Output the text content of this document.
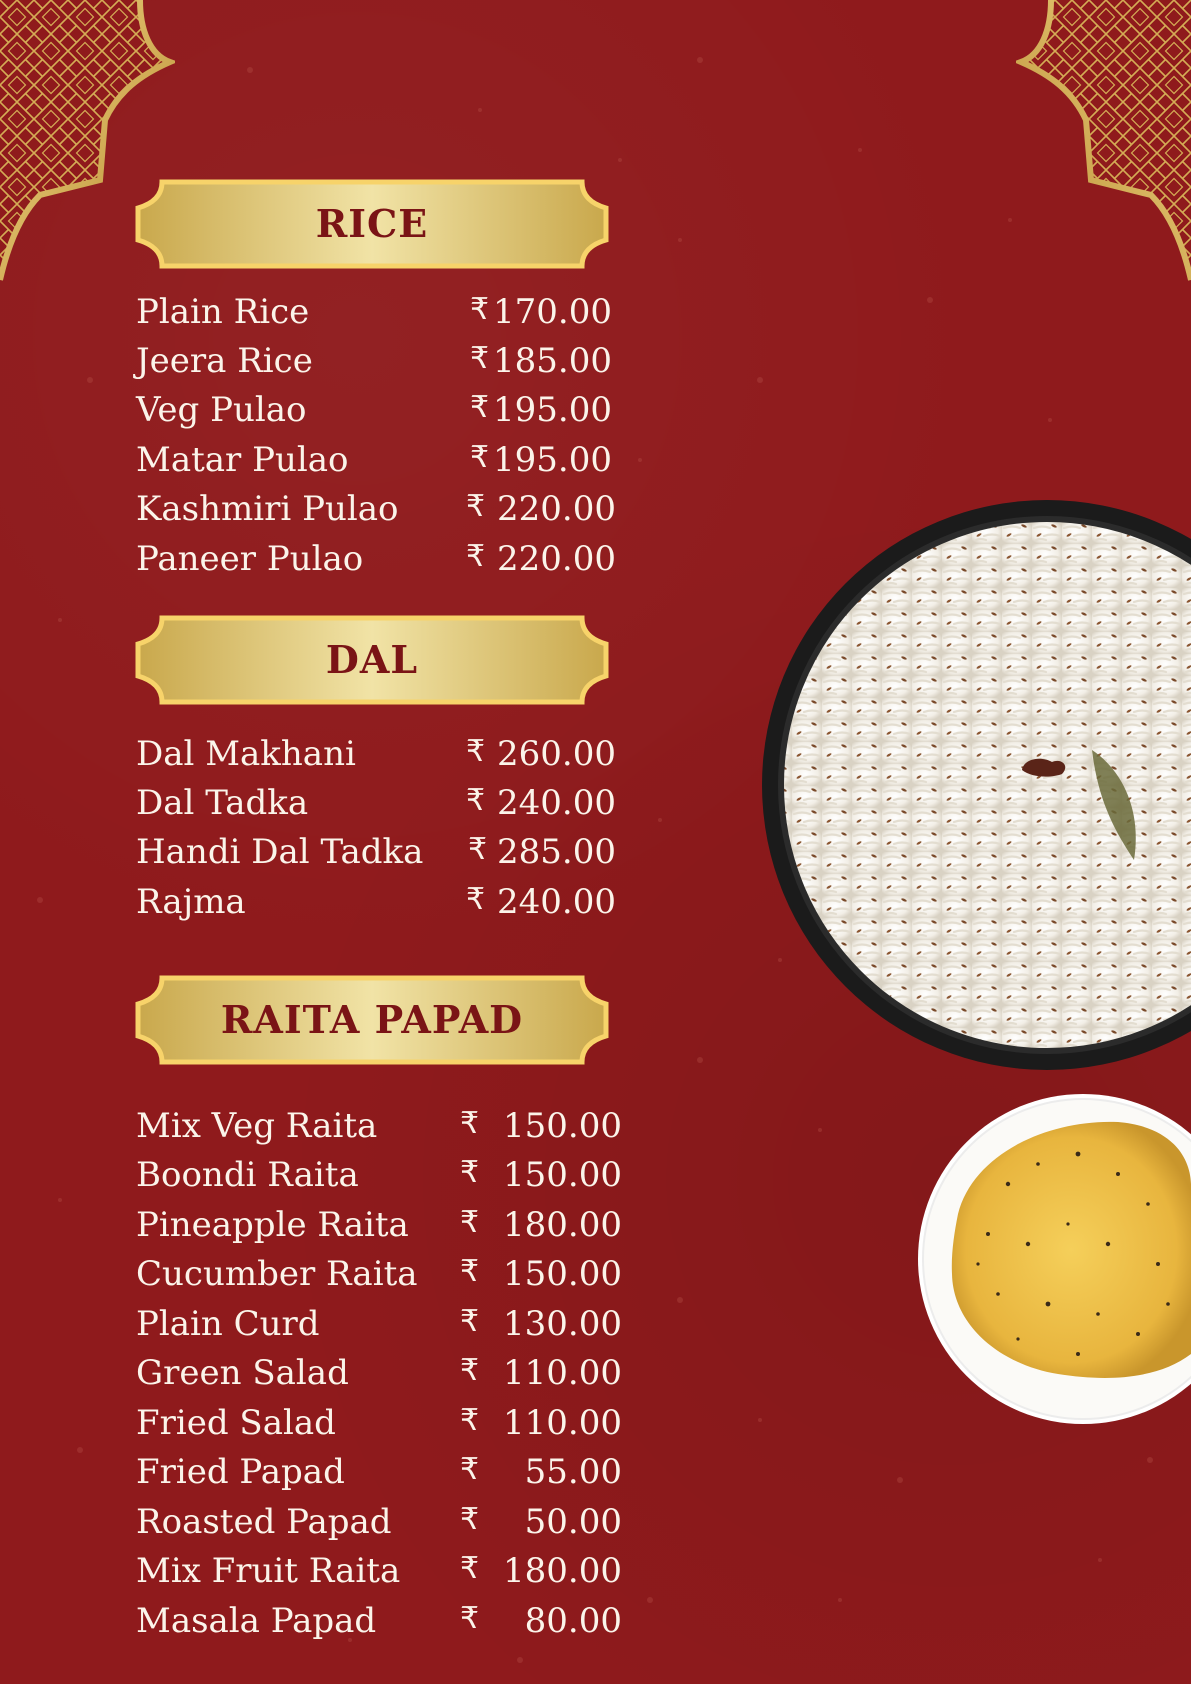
RICE
Plain Rice	₹ 170.00
Jeera Rice	₹ 185.00
Veg Pulao	₹ 195.00
Matar Pulao	₹ 195.00
Kashmiri Pulao ₹ 220.00
Paneer Pulao	₹ 220.00
DAL
Dal Makhani	₹ 260.00
Dal Tadka	₹ 240.00
Handi Dal Tadka ₹ 285.00
Rajma	₹ 240.00
RAITA PAPAD
Mix Veg Raita	₹ 150.00
Boondi Raita	₹ 150.00
Pineapple Raita ₹ 180.00
Cucumber Raita ₹ 150.00
Plain Curd	₹ 130.00
Green Salad	₹ 110.00
Fried Salad	₹ 110.00
Fried Papad	₹	55.00
Roasted Papad ₹	50.00
Mix Fruit Raita ₹ 180.00
Masala Papad	₹	80.00
